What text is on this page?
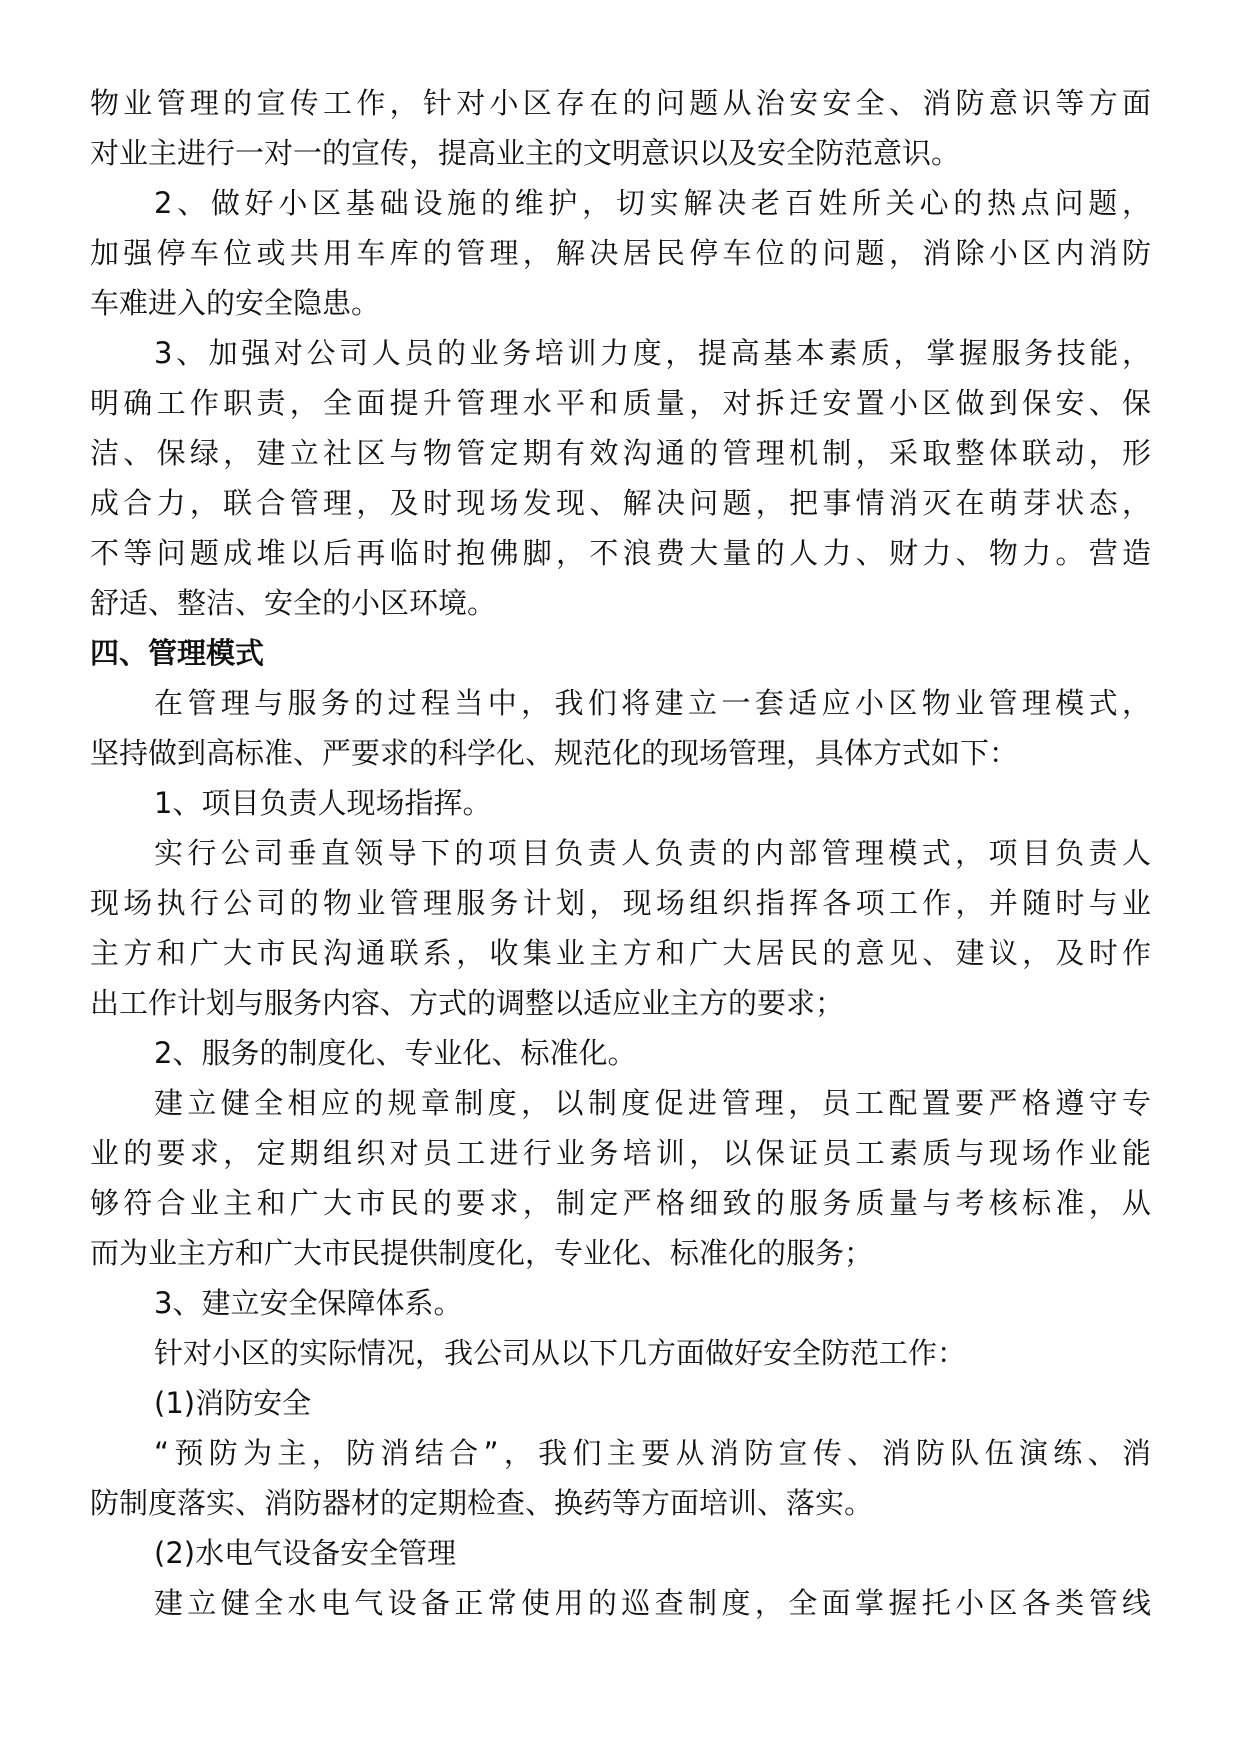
物业管理的宣传工作，针对小区存在的问题从治安安全、消防意识等方面
对业主进行一对一的宣传，提高业主的文明意识以及安全防范意识。
2、做好小区基础设施的维护，切实解决老百姓所关心的热点问题，
加强停车位或共用车库的管理，解决居民停车位的问题，消除小区内消防
车难进入的安全隐患。
3、加强对公司人员的业务培训力度，提高基本素质，掌握服务技能，
明确工作职责，全面提升管理水平和质量，对拆迁安置小区做到保安、保
洁、保绿，建立社区与物管定期有效沟通的管理机制，采取整体联动，形
成合力，联合管理，及时现场发现、解决问题，把事情消灭在萌芽状态，
不等问题成堆以后再临时抱佛脚，不浪费大量的人力、财力、物力。营造
舒适、整洁、安全的小区环境。
四、管理模式
在管理与服务的过程当中，我们将建立一套适应小区物业管理模式，
坚持做到高标准、严要求的科学化、规范化的现场管理，具体方式如下：
1、项目负责人现场指挥。
实行公司垂直领导下的项目负责人负责的内部管理模式，项目负责人
现场执行公司的物业管理服务计划，现场组织指挥各项工作，并随时与业
主方和广大市民沟通联系，收集业主方和广大居民的意见、建议，及时作
出工作计划与服务内容、方式的调整以适应业主方的要求；
2、服务的制度化、专业化、标准化。
建立健全相应的规章制度，以制度促进管理，员工配置要严格遵守专
业的要求，定期组织对员工进行业务培训，以保证员工素质与现场作业能
够符合业主和广大市民的要求，制定严格细致的服务质量与考核标准，从
而为业主方和广大市民提供制度化，专业化、标准化的服务；
3、建立安全保障体系。
针对小区的实际情况，我公司从以下几方面做好安全防范工作：
(1)消防安全
“预防为主，防消结合”，我们主要从消防宣传、消防队伍演练、消
防制度落实、消防器材的定期检查、换药等方面培训、落实。
(2)水电气设备安全管理
建立健全水电气设备正常使用的巡查制度，全面掌握托小区各类管线
